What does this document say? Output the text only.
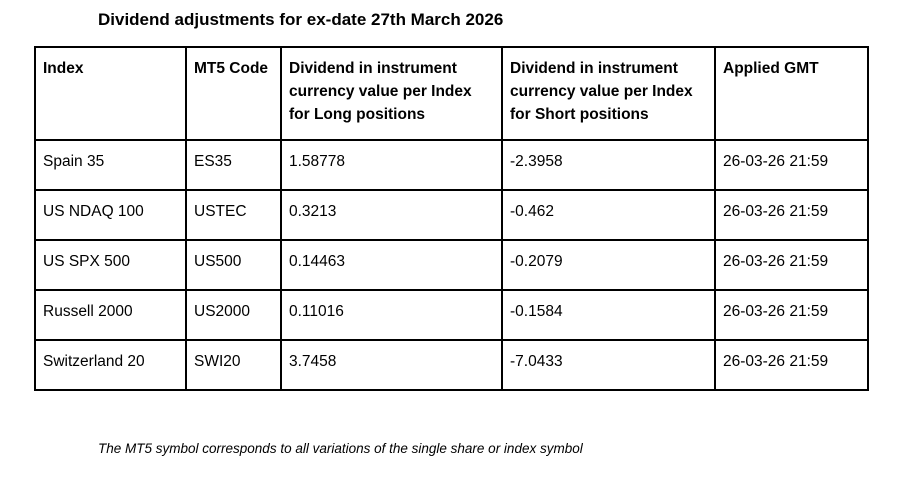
Dividend adjustments for ex-date 27th March 2026
Index	MT5 Code	Dividend in instrument currency value per Index for Long positions	Dividend in instrument currency value per Index for Short positions	Applied GMT
Spain 35	ES35	1.58778	-2.3958	26-03-26 21:59
US NDAQ 100	USTEC	0.3213	-0.462	26-03-26 21:59
US SPX 500	US500	0.14463	-0.2079	26-03-26 21:59
Russell 2000	US2000	0.11016	-0.1584	26-03-26 21:59
Switzerland 20	SWI20	3.7458	-7.0433	26-03-26 21:59
The MT5 symbol corresponds to all variations of the single share or index symbol
